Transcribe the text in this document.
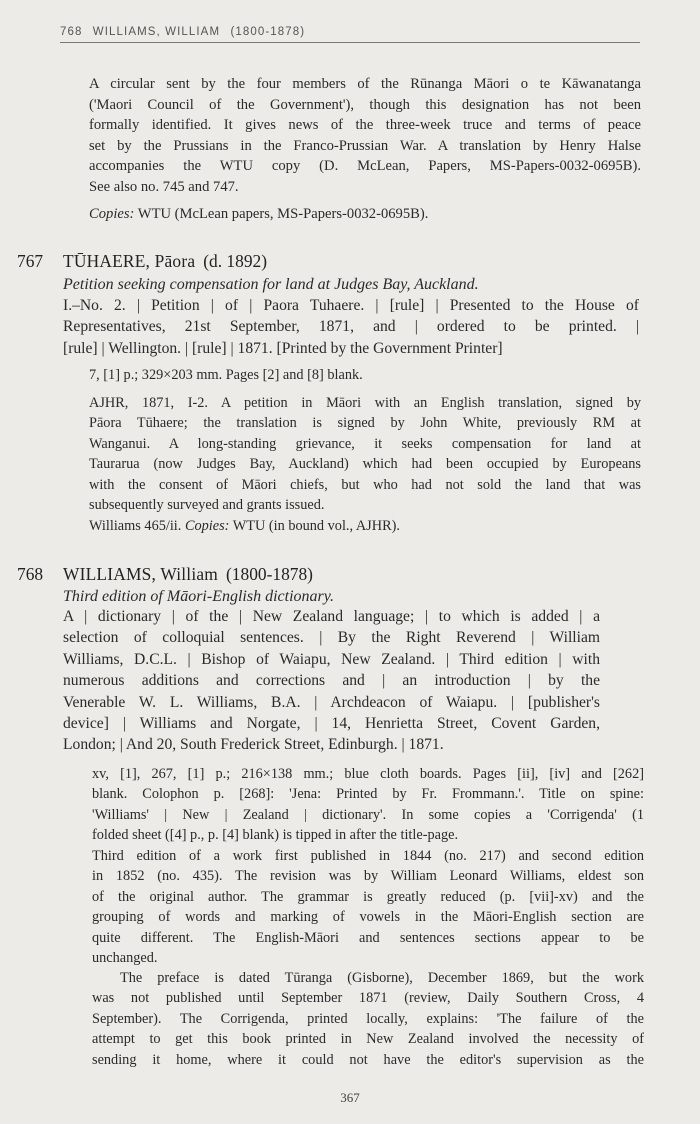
768 WILLIAMS, WILLIAM (1800-1878)
A circular sent by the four members of the Rūnanga Māori o te Kāwanatanga
('Maori Council of the Government'), though this designation has not been
formally identified. It gives news of the three-week truce and terms of peace
set by the Prussians in the Franco-Prussian War. A translation by Henry Halse
accompanies the WTU copy (D. McLean, Papers, MS-Papers-0032-0695B).
See also no. 745 and 747.
Copies: WTU (McLean papers, MS-Papers-0032-0695B).
767 TŪHAERE, Pāora (d. 1892)
Petition seeking compensation for land at Judges Bay, Auckland.
I.–No. 2. | Petition | of | Paora Tuhaere. | [rule] | Presented to the House of
Representatives, 21st September, 1871, and | ordered to be printed. |
[rule] | Wellington. | [rule] | 1871. [Printed by the Government Printer]
7, [1] p.; 329×203 mm. Pages [2] and [8] blank.
AJHR, 1871, I-2. A petition in Māori with an English translation, signed by
Pāora Tūhaere; the translation is signed by John White, previously RM at
Wanganui. A long-standing grievance, it seeks compensation for land at
Taurarua (now Judges Bay, Auckland) which had been occupied by Europeans
with the consent of Māori chiefs, but who had not sold the land that was
subsequently surveyed and grants issued.
Williams 465/ii. Copies: WTU (in bound vol., AJHR).
768 WILLIAMS, William (1800-1878)
Third edition of Māori-English dictionary.
A | dictionary | of the | New Zealand language; | to which is added | a
selection of colloquial sentences. | By the Right Reverend | William
Williams, D.C.L. | Bishop of Waiapu, New Zealand. | Third edition | with
numerous additions and corrections and | an introduction | by the
Venerable W. L. Williams, B.A. | Archdeacon of Waiapu. | [publisher's
device] | Williams and Norgate, | 14, Henrietta Street, Covent Garden,
London; | And 20, South Frederick Street, Edinburgh. | 1871.
xv, [1], 267, [1] p.; 216×138 mm.; blue cloth boards. Pages [ii], [iv] and [262]
blank. Colophon p. [268]: 'Jena: Printed by Fr. Frommann.'. Title on spine:
'Williams' | New | Zealand | dictionary'. In some copies a 'Corrigenda' (1
folded sheet ([4] p., p. [4] blank) is tipped in after the title-page.
Third edition of a work first published in 1844 (no. 217) and second edition
in 1852 (no. 435). The revision was by William Leonard Williams, eldest son
of the original author. The grammar is greatly reduced (p. [vii]-xv) and the
grouping of words and marking of vowels in the Māori-English section are
quite different. The English-Māori and sentences sections appear to be
unchanged.
The preface is dated Tūranga (Gisborne), December 1869, but the work
was not published until September 1871 (review, Daily Southern Cross, 4
September). The Corrigenda, printed locally, explains: 'The failure of the
attempt to get this book printed in New Zealand involved the necessity of
sending it home, where it could not have the editor's supervision as the
367
